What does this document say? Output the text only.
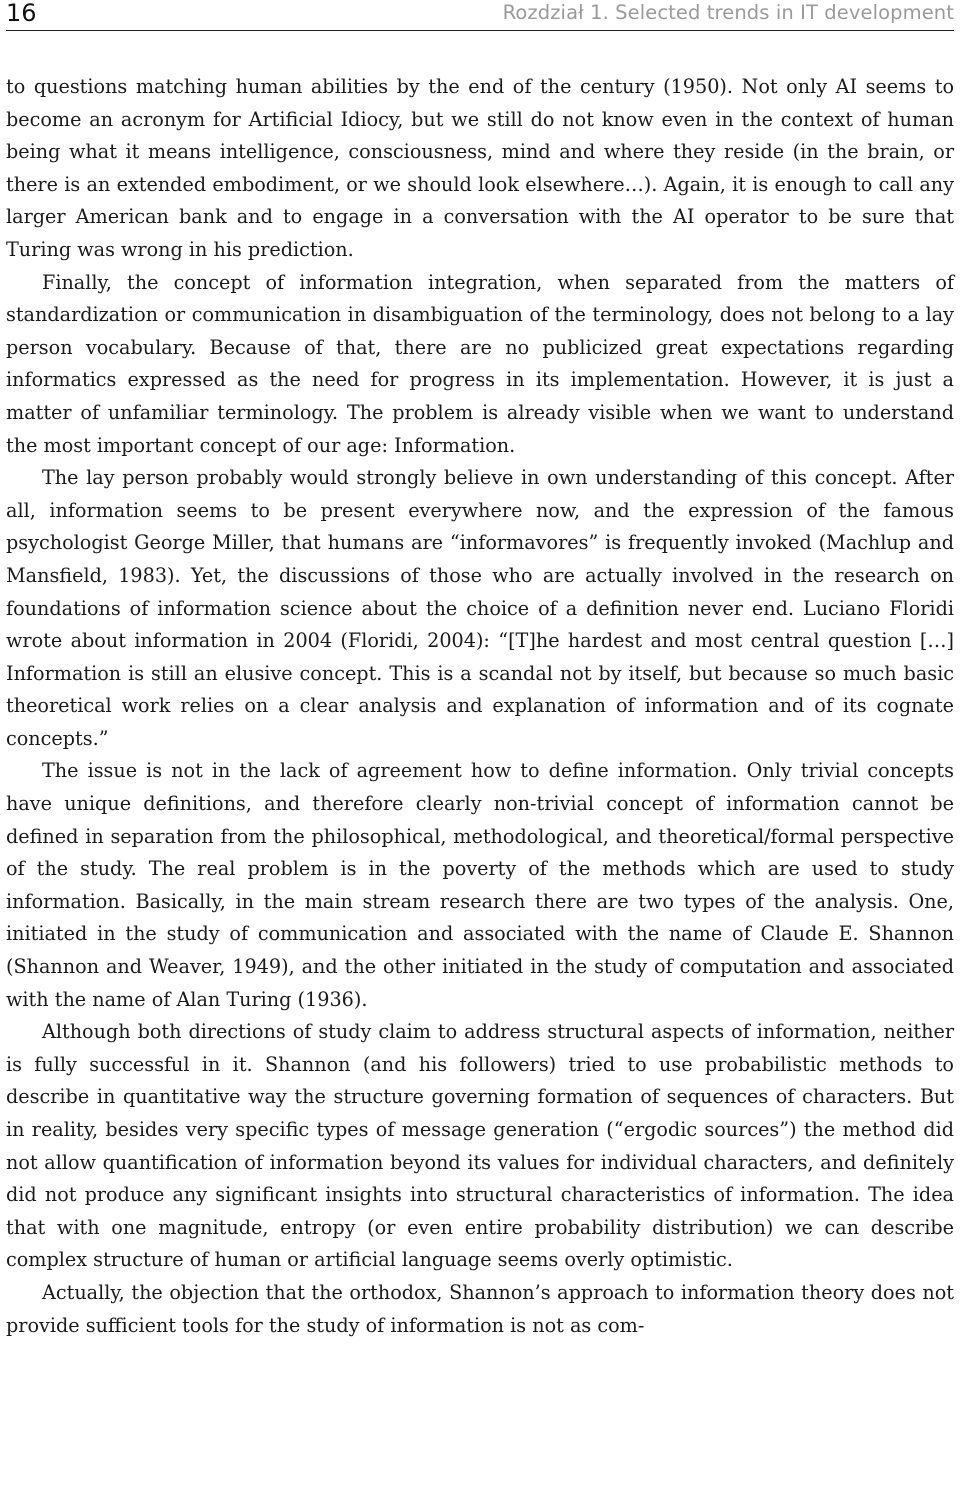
16	Rozdział 1. Selected trends in IT development

to questions matching human abilities by the end of the century (1950). Not only AI seems to become an acronym for Artificial Idiocy, but we still do not know even in the context of human being what it means intelligence, consciousness, mind and where they reside (in the brain, or there is an extended embodiment, or we should look elsewhere…). Again, it is enough to call any larger American bank and to engage in a conversation with the AI operator to be sure that Turing was wrong in his prediction.

Finally, the concept of information integration, when separated from the matters of standardization or communication in disambiguation of the terminology, does not belong to a lay person vocabulary. Because of that, there are no publicized great expectations regarding informatics expressed as the need for progress in its implementation. However, it is just a matter of unfamiliar terminology. The problem is already visible when we want to understand the most important concept of our age: Information.

The lay person probably would strongly believe in own understanding of this concept. After all, information seems to be present everywhere now, and the expression of the famous psychologist George Miller, that humans are “informavores” is frequently invoked (Machlup and Mansfield, 1983). Yet, the discussions of those who are actually involved in the research on foundations of information science about the choice of a definition never end. Luciano Floridi wrote about information in 2004 (Floridi, 2004): “[T]he hardest and most central question […] Information is still an elusive concept. This is a scandal not by itself, but because so much basic theoretical work relies on a clear analysis and explanation of information and of its cognate concepts.”

The issue is not in the lack of agreement how to define information. Only trivial concepts have unique definitions, and therefore clearly non-trivial concept of information cannot be defined in separation from the philosophical, methodological, and theoretical/formal perspective of the study. The real problem is in the poverty of the methods which are used to study information. Basically, in the main stream research there are two types of the analysis. One, initiated in the study of communication and associated with the name of Claude E. Shannon (Shannon and Weaver, 1949), and the other initiated in the study of computation and associated with the name of Alan Turing (1936).

Although both directions of study claim to address structural aspects of information, neither is fully successful in it. Shannon (and his followers) tried to use probabilistic methods to describe in quantitative way the structure governing formation of sequences of characters. But in reality, besides very specific types of message generation (“ergodic sources”) the method did not allow quantification of information beyond its values for individual characters, and definitely did not produce any significant insights into structural characteristics of information. The idea that with one magnitude, entropy (or even entire probability distribution) we can describe complex structure of human or artificial language seems overly optimistic.

Actually, the objection that the orthodox, Shannon’s approach to information theory does not provide sufficient tools for the study of information is not as com-
